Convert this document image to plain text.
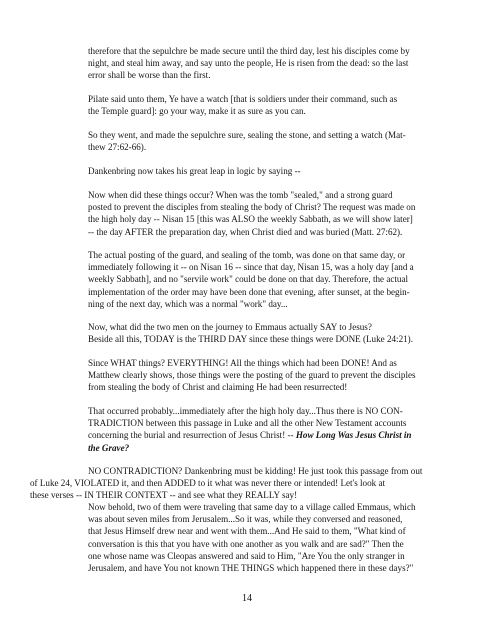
therefore that the sepulchre be made secure until the third day, lest his disciples come by
night, and steal him away, and say unto the people, He is risen from the dead: so the last
error shall be worse than the first.

Pilate said unto them, Ye have a watch [that is soldiers under their command, such as
the Temple guard]: go your way, make it as sure as you can.

So they went, and made the sepulchre sure, sealing the stone, and setting a watch (Mat-
thew 27:62-66).

Dankenbring now takes his great leap in logic by saying --

Now when did these things occur? When was the tomb "sealed," and a strong guard
posted to prevent the disciples from stealing the body of Christ? The request was made on
the high holy day -- Nisan 15 [this was ALSO the weekly Sabbath, as we will show later]
-- the day AFTER the preparation day, when Christ died and was buried (Matt. 27:62).

The actual posting of the guard, and sealing of the tomb, was done on that same day, or
immediately following it -- on Nisan 16 -- since that day, Nisan 15, was a holy day [and a
weekly Sabbath], and no "servile work" could be done on that day. Therefore, the actual
implementation of the order may have been done that evening, after sunset, at the begin-
ning of the next day, which was a normal "work" day...

Now, what did the two men on the journey to Emmaus actually SAY to Jesus?
Beside all this, TODAY is the THIRD DAY since these things were DONE (Luke 24:21).

Since WHAT things? EVERYTHING! All the things which had been DONE! And as
Matthew clearly shows, those things were the posting of the guard to prevent the disciples
from stealing the body of Christ and claiming He had been resurrected!

That occurred probably...immediately after the high holy day...Thus there is NO CON-
TRADICTION between this passage in Luke and all the other New Testament accounts
concerning the burial and resurrection of Jesus Christ! -- How Long Was Jesus Christ in
the Grave?

NO CONTRADICTION? Dankenbring must be kidding! He just took this passage from out
of Luke 24, VIOLATED it, and then ADDED to it what was never there or intended! Let's look at
these verses -- IN THEIR CONTEXT -- and see what they REALLY say!

Now behold, two of them were traveling that same day to a village called Emmaus, which
was about seven miles from Jerusalem...So it was, while they conversed and reasoned,
that Jesus Himself drew near and went with them...And He said to them, "What kind of
conversation is this that you have with one another as you walk and are sad?" Then the
one whose name was Cleopas answered and said to Him, "Are You the only stranger in
Jerusalem, and have You not known THE THINGS which happened there in these days?"

14
